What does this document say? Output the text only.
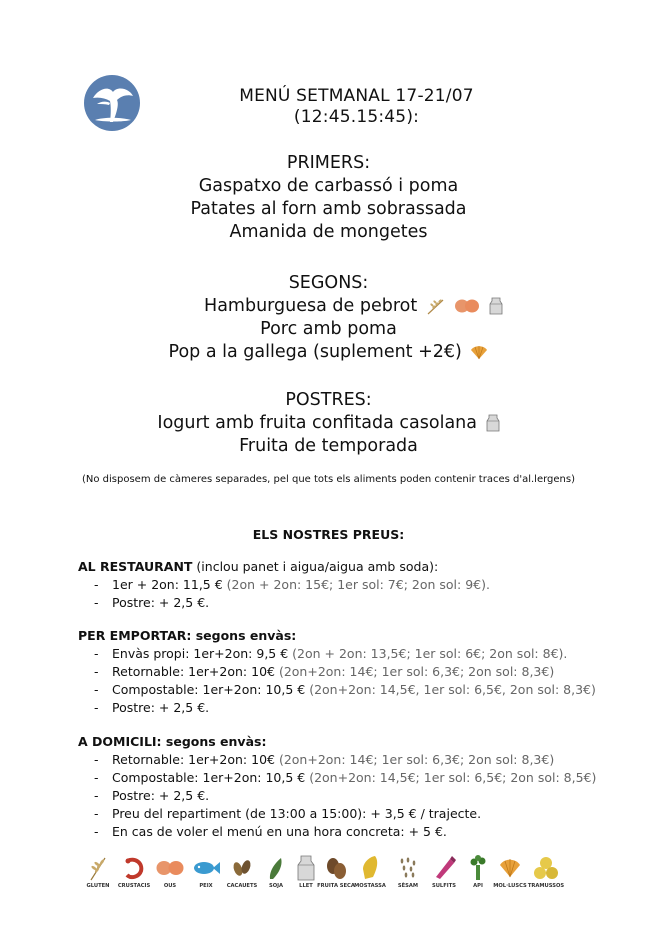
MENÚ SETMANAL 17-21/07
(12:45.15:45):
PRIMERS:
Gaspatxo de carbassó i poma
Patates al forn amb sobrassada
Amanida de mongetes
SEGONS:
Hamburguesa de pebrot
Porc amb poma
Pop a la gallega (suplement +2€)
POSTRES:
Iogurt amb fruita confitada casolana
Fruita de temporada
(No disposem de càmeres separades, pel que tots els aliments poden contenir traces d'al.lergens)
ELS NOSTRES PREUS:
AL RESTAURANT (inclou panet i aigua/aigua amb soda):
- 1er + 2on: 11,5 € (2on + 2on: 15€; 1er sol: 7€; 2on sol: 9€).
- Postre: + 2,5 €.
PER EMPORTAR: segons envàs:
- Envàs propi: 1er+2on: 9,5 € (2on + 2on: 13,5€; 1er sol: 6€; 2on sol: 8€).
- Retornable: 1er+2on: 10€ (2on+2on: 14€; 1er sol: 6,3€; 2on sol: 8,3€)
- Compostable: 1er+2on: 10,5 € (2on+2on: 14,5€, 1er sol: 6,5€, 2on sol: 8,3€)
- Postre: + 2,5 €.
A DOMICILI: segons envàs:
- Retornable: 1er+2on: 10€ (2on+2on: 14€; 1er sol: 6,3€; 2on sol: 8,3€)
- Compostable: 1er+2on: 10,5 € (2on+2on: 14,5€; 1er sol: 6,5€; 2on sol: 8,5€)
- Postre: + 2,5 €.
- Preu del repartiment (de 13:00 a 15:00): + 3,5 € / trajecte.
- En cas de voler el menú en una hora concreta: + 5 €.
GLUTEN	CRUSTACIS	OUS	PEIX	CACAUETS	SOJA	LLET FRUITA SECA MOSTASSA	SÈSAM	SULFITS	API	MOL·LUSCS TRAMUSSOS
